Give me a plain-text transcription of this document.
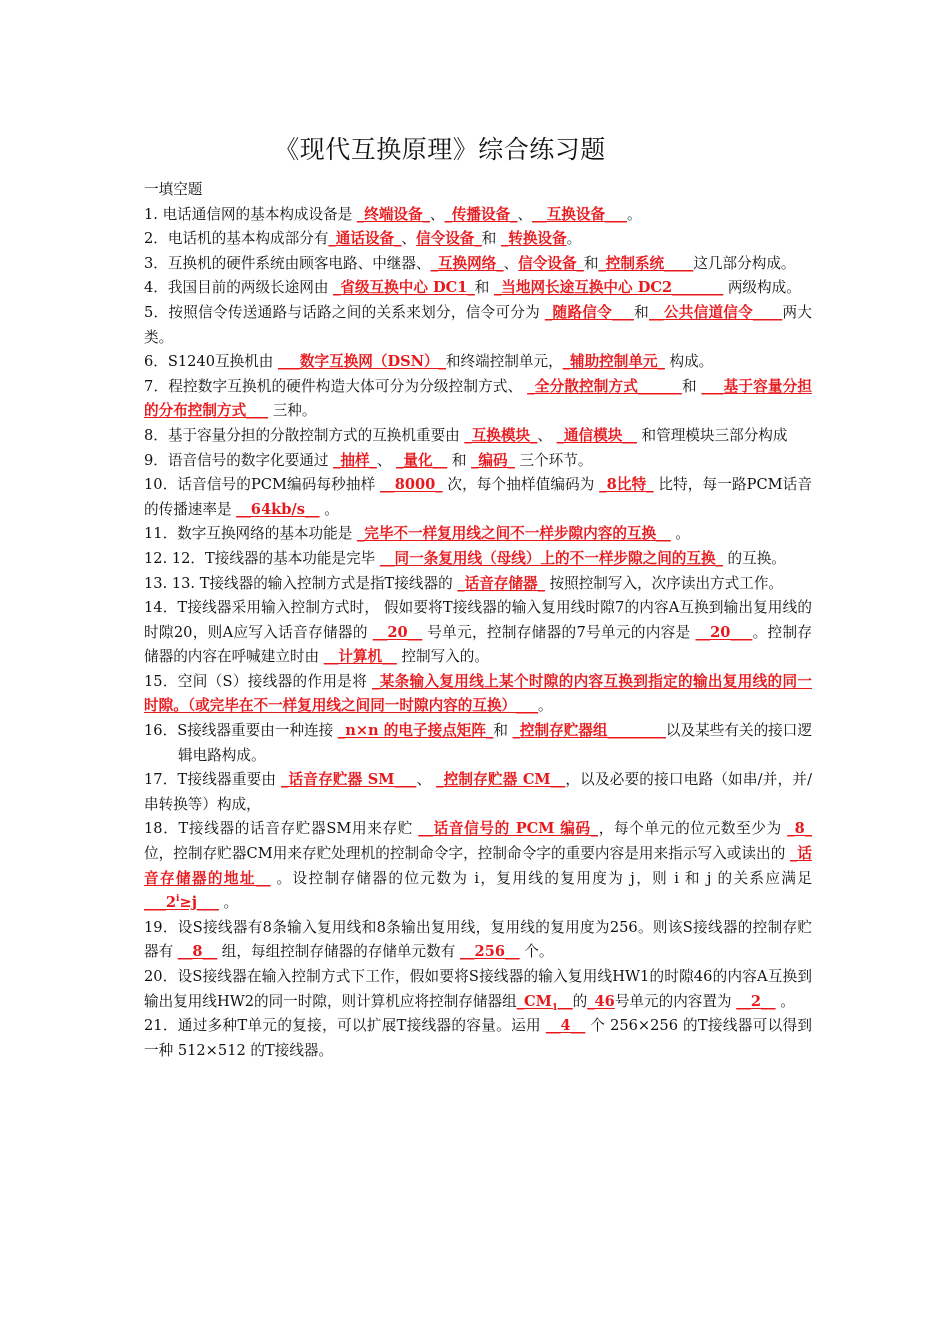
《现代互换原理》综合练习题

一填空题

1. 电话通信网的基本构成设备是 _终端设备_、_传播设备_、__互换设备___。

2．电话机的基本构成部分有_通话设备_、信令设备_和 _转换设备。

3．互换机的硬件系统由顾客电路、中继器、_互换网络_、信令设备_和_控制系统____这几部分构成。

4．我国目前的两级长途网由 _省级互换中心 DC1_和 _当地网长途互换中心 DC2_______ 两级构成。

5．按照信令传送通路与话路之间的关系来划分，信令可分为 _随路信令___和__公共信道信令____两大类。

6．S1240互换机由 ___数字互换网（DSN）_和终端控制单元，_辅助控制单元_ 构成。

7．程控数字互换机的硬件构造大体可分为分级控制方式、 _全分散控制方式______和 ___基于容量分担的分布控制方式___ 三种。

8．基于容量分担的分散控制方式的互换机重要由 _互换模块_、 _通信模块__ 和管理模块三部分构成

9．语音信号的数字化要通过 _抽样_、 _量化__ 和 _编码_ 三个环节。

10．话音信号的PCM编码每秒抽样 __8000_ 次，每个抽样值编码为 _8比特_ 比特，每一路PCM话音的传播速率是 __64kb/s__ 。

11．数字互换网络的基本功能是 _完毕不一样复用线之间不一样步隙内容的互换__ 。

12. 12．T接线器的基本功能是完毕 __同一条复用线（母线）上的不一样步隙之间的互换_ 的互换。

13. 13. T接线器的输入控制方式是指T接线器的 _话音存储器_ 按照控制写入，次序读出方式工作。

14．T接线器采用输入控制方式时， 假如要将T接线器的输入复用线时隙7的内容A互换到输出复用线的时隙20，则A应写入话音存储器的 __20__ 号单元，控制存储器的7号单元的内容是 __20___。控制存储器的内容在呼喊建立时由 __计算机__ 控制写入的。

15．空间（S）接线器的作用是将 _某条输入复用线上某个时隙的内容互换到指定的输出复用线的同一时隙。（或完毕在不一样复用线之间同一时隙内容的互换）___。

16．S接线器重要由一种连接 _n×n 的电子接点矩阵_和 _控制存贮器组________以及某些有关的接口逻辑电路构成。

17．T接线器重要由 _话音存贮器 SM___、 _控制存贮器 CM__，以及必要的接口电路（如串/并，并/串转换等）构成，

18．T接线器的话音存贮器SM用来存贮 __话音信号的 PCM 编码_，每个单元的位元数至少为 _8_位，控制存贮器CM用来存贮处理机的控制命令字，控制命令字的重要内容是用来指示写入或读出的 _话音存储器的地址__ 。设控制存储器的位元数为 i，复用线的复用度为 j，则 i 和 j 的关系应满足 $\_\_\_2^i\ge j\_\_\_$ 。

19．设S接线器有8条输入复用线和8条输出复用线，复用线的复用度为256。则该S接线器的控制存贮器有 __8__ 组，每组控制存储器的存储单元数有 __256__ 个。

20．设S接线器在输入控制方式下工作，假如要将S接线器的输入复用线HW1的时隙46的内容A互换到输出复用线HW2的同一时隙，则计算机应将控制存储器组$\_CM_1\_\_$的_46号单元的内容置为 __2__ 。

21．通过多种T单元的复接，可以扩展T接线器的容量。运用 __4__ 个 256×256 的T接线器可以得到一种 512×512 的T接线器。
